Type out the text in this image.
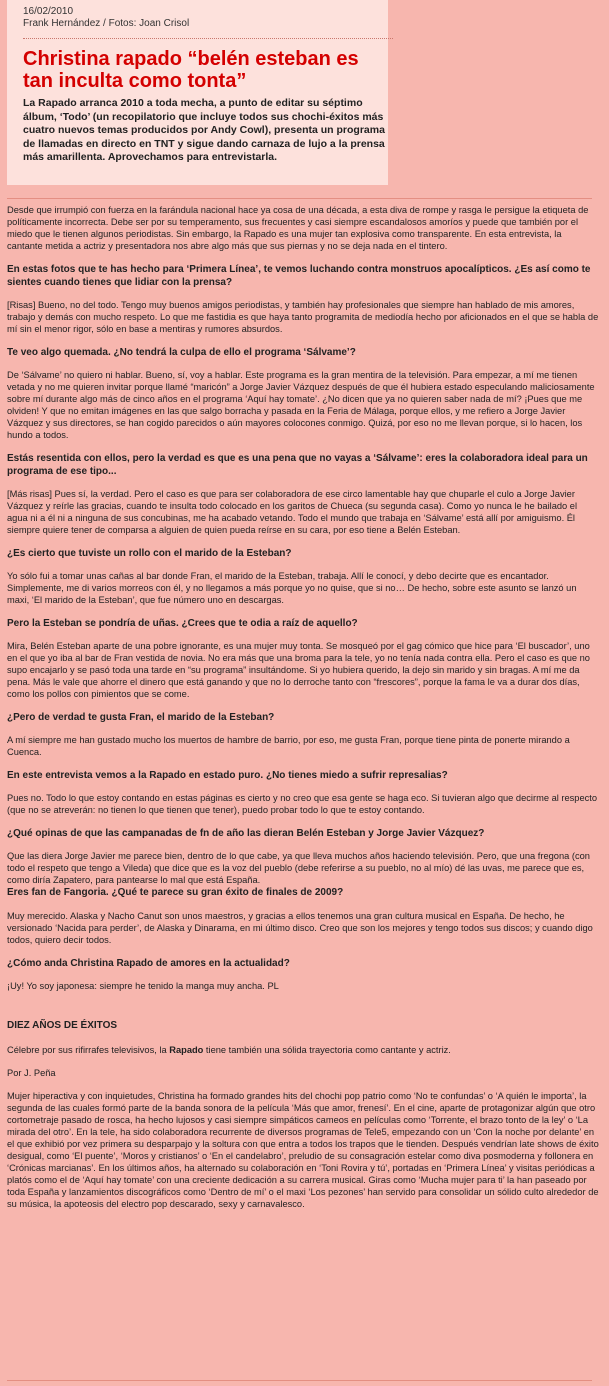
16/02/2010
Frank Hernández / Fotos: Joan Crisol
Christina rapado “belén esteban es tan inculta como tonta”

La Rapado arranca 2010 a toda mecha, a punto de editar su séptimo álbum, ‘Todo’ (un recopilatorio que incluye todos sus chochi-éxitos más cuatro nuevos temas producidos por Andy Cowl), presenta un programa de llamadas en directo en TNT y sigue dando carnaza de lujo a la prensa más amarillenta. Aprovechamos para entrevistarla.

Desde que irrumpió con fuerza en la farándula nacional hace ya cosa de una década, a esta diva de rompe y rasga le persigue la etiqueta de políticamente incorrecta. Debe ser por su temperamento, sus frecuentes y casi siempre escandalosos amoríos y puede que también por el miedo que le tienen algunos periodistas. Sin embargo, la Rapado es una mujer tan explosiva como transparente. En esta entrevista, la cantante metida a actriz y presentadora nos abre algo más que sus piernas y no se deja nada en el tintero.

En estas fotos que te has hecho para ‘Primera Línea’, te vemos luchando contra monstruos apocalípticos. ¿Es así como te sientes cuando tienes que lidiar con la prensa?

[Risas] Bueno, no del todo. Tengo muy buenos amigos periodistas, y también hay profesionales que siempre han hablado de mis amores, trabajo y demás con mucho respeto. Lo que me fastidia es que haya tanto programita de mediodía hecho por aficionados en el que se habla de mí sin el menor rigor, sólo en base a mentiras y rumores absurdos.

Te veo algo quemada. ¿No tendrá la culpa de ello el programa ‘Sálvame’?

De ‘Sálvame’ no quiero ni hablar. Bueno, sí, voy a hablar. Este programa es la gran mentira de la televisión. Para empezar, a mí me tienen vetada y no me quieren invitar porque llamé “maricón” a Jorge Javier Vázquez después de que él hubiera estado especulando maliciosamente sobre mí durante algo más de cinco años en el programa ‘Aquí hay tomate’. ¿No dicen que ya no quieren saber nada de mí? ¡Pues que me olviden! Y que no emitan imágenes en las que salgo borracha y pasada en la Feria de Málaga, porque ellos, y me refiero a Jorge Javier Vázquez y sus directores, se han cogido parecidos o aún mayores colocones conmigo. Quizá, por eso no me llevan porque, si lo hacen, los hundo a todos.

Estás resentida con ellos, pero la verdad es que es una pena que no vayas a ‘Sálvame’: eres la colaboradora ideal para un programa de ese tipo...

[Más risas] Pues sí, la verdad. Pero el caso es que para ser colaboradora de ese circo lamentable hay que chuparle el culo a Jorge Javier Vázquez y reírle las gracias, cuando te insulta todo colocado en los garitos de Chueca (su segunda casa). Como yo nunca le he bailado el agua ni a él ni a ninguna de sus concubinas, me ha acabado vetando. Todo el mundo que trabaja en ‘Sálvame’ está allí por amiguismo. Él siempre quiere tener de comparsa a alguien de quien pueda reírse en su cara, por eso tiene a Belén Esteban.

¿Es cierto que tuviste un rollo con el marido de la Esteban?

Yo sólo fui a tomar unas cañas al bar donde Fran, el marido de la Esteban, trabaja. Allí le conocí, y debo decirte que es encantador. Simplemente, me di varios morreos con él, y no llegamos a más porque yo no quise, que si no… De hecho, sobre este asunto se lanzó un maxi, ‘El marido de la Esteban’, que fue número uno en descargas.

Pero la Esteban se pondría de uñas. ¿Crees que te odia a raíz de aquello?

Mira, Belén Esteban aparte de una pobre ignorante, es una mujer muy tonta. Se mosqueó por el gag cómico que hice para ‘El buscador’, uno en el que yo iba al bar de Fran vestida de novia. No era más que una broma para la tele, yo no tenía nada contra ella. Pero el caso es que no supo encajarlo y se pasó toda una tarde en “su programa” insultándome. Si yo hubiera querido, la dejo sin marido y sin bragas. A mí me da pena. Más le vale que ahorre el dinero que está ganando y que no lo derroche tanto con “frescores”, porque la fama le va a durar dos días, como los pollos con pimientos que se come.

¿Pero de verdad te gusta Fran, el marido de la Esteban?

A mí siempre me han gustado mucho los muertos de hambre de barrio, por eso, me gusta Fran, porque tiene pinta de ponerte mirando a Cuenca.

En este entrevista vemos a la Rapado en estado puro. ¿No tienes miedo a sufrir represalias?

Pues no. Todo lo que estoy contando en estas páginas es cierto y no creo que esa gente se haga eco. Si tuvieran algo que decirme al respecto (que no se atreverán: no tienen lo que tienen que tener), puedo probar todo lo que te estoy contando.

¿Qué opinas de que las campanadas de fn de año las dieran Belén Esteban y Jorge Javier Vázquez?

Que las diera Jorge Javier me parece bien, dentro de lo que cabe, ya que lleva muchos años haciendo televisión. Pero, que una fregona (con todo el respeto que tengo a Vileda) que dice que es la voz del pueblo (debe referirse a su pueblo, no al mío) dé las uvas, me parece que es, como diría Zapatero, para pantearse lo mal que está España.

Eres fan de Fangoria. ¿Qué te parece su gran éxito de finales de 2009?

Muy merecido. Alaska y Nacho Canut son unos maestros, y gracias a ellos tenemos una gran cultura musical en España. De hecho, he versionado ‘Nacida para perder’, de Alaska y Dinarama, en mi último disco. Creo que son los mejores y tengo todos sus discos; y cuando digo todos, quiero decir todos.

¿Cómo anda Christina Rapado de amores en la actualidad?

¡Uy! Yo soy japonesa: siempre he tenido la manga muy ancha. PL

DIEZ AÑOS DE ÉXITOS

Célebre por sus rifirrafes televisivos, la Rapado tiene también una sólida trayectoria como cantante y actriz.

Por J. Peña

Mujer hiperactiva y con inquietudes, Christina ha formado grandes hits del chochi pop patrio como ‘No te confundas’ o ‘A quién le importa’, la segunda de las cuales formó parte de la banda sonora de la película ‘Más que amor, frenesí’. En el cine, aparte de protagonizar algún que otro cortometraje pasado de rosca, ha hecho lujosos y casi siempre simpáticos cameos en películas como ‘Torrente, el brazo tonto de la ley’ o ‘La mirada del otro’. En la tele, ha sido colaboradora recurrente de diversos programas de Tele5, empezando con un ‘Con la noche por delante’ en el que exhibió por vez primera su desparpajo y la soltura con que entra a todos los trapos que le tienden. Después vendrían late shows de éxito desigual, como ‘El puente’, ‘Moros y cristianos’ o ‘En el candelabro’, preludio de su consagración estelar como diva posmoderna y follonera en ‘Crónicas marcianas’. En los últimos años, ha alternado su colaboración en ‘Toni Rovira y tú’, portadas en ‘Primera Línea’ y visitas periódicas a platós como el de ‘Aquí hay tomate’ con una creciente dedicación a su carrera musical. Giras como ‘Mucha mujer para ti’ la han paseado por toda España y lanzamientos discográficos como ‘Dentro de mí’ o el maxi ‘Los pezones’ han servido para consolidar un sólido culto alrededor de su música, la apoteosis del electro pop descarado, sexy y carnavalesco.
